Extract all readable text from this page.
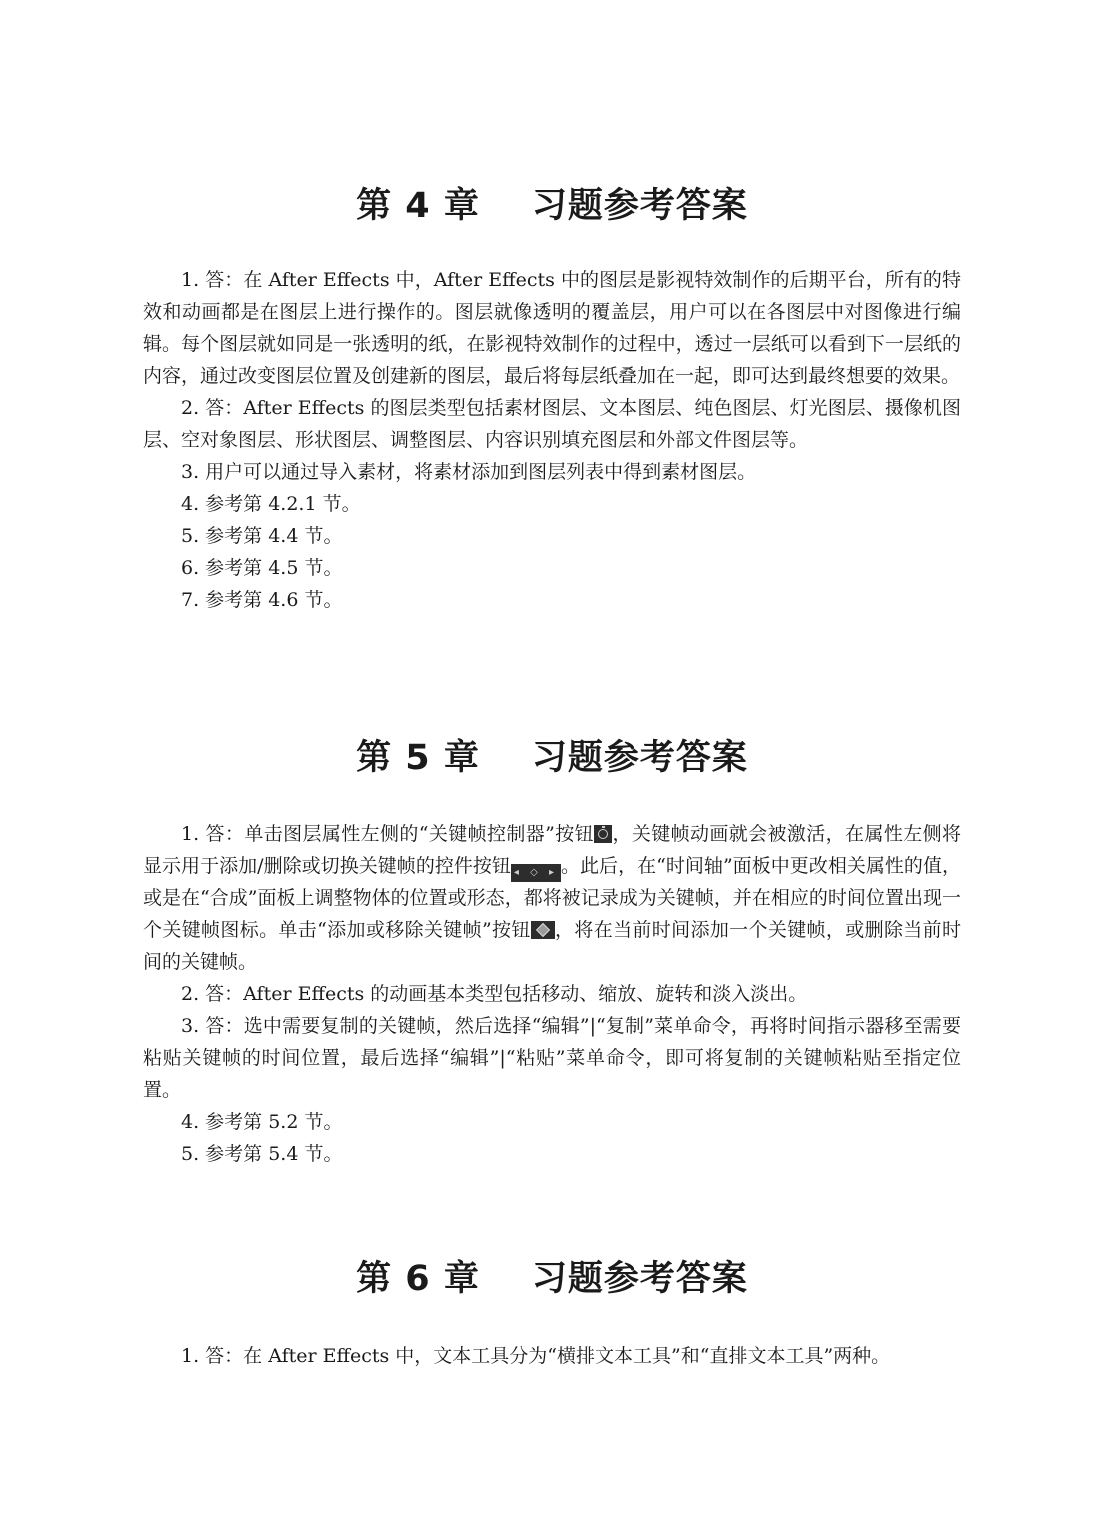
第 4 章 习题参考答案

1. 答：在 After Effects 中，After Effects 中的图层是影视特效制作的后期平台，所有的特效和动画都是在图层上进行操作的。图层就像透明的覆盖层，用户可以在各图层中对图像进行编辑。每个图层就如同是一张透明的纸，在影视特效制作的过程中，透过一层纸可以看到下一层纸的内容，通过改变图层位置及创建新的图层，最后将每层纸叠加在一起，即可达到最终想要的效果。

2. 答：After Effects 的图层类型包括素材图层、文本图层、纯色图层、灯光图层、摄像机图层、空对象图层、形状图层、调整图层、内容识别填充图层和外部文件图层等。

3. 用户可以通过导入素材，将素材添加到图层列表中得到素材图层。

4. 参考第 4.2.1 节。

5. 参考第 4.4 节。

6. 参考第 4.5 节。

7. 参考第 4.6 节。

第 5 章 习题参考答案

1. 答：单击图层属性左侧的“关键帧控制器”按钮 ，关键帧动画就会被激活，在属性左侧将显示用于添加/删除或切换关键帧的控件按钮 ◂ ◇ ▸ 。此后，在“时间轴”面板中更改相关属性的值，或是在“合成”面板上调整物体的位置或形态，都将被记录成为关键帧，并在相应的时间位置出现一个关键帧图标。单击“添加或移除关键帧”按钮 ，将在当前时间添加一个关键帧，或删除当前时间的关键帧。

2. 答：After Effects 的动画基本类型包括移动、缩放、旋转和淡入淡出。

3. 答：选中需要复制的关键帧，然后选择“编辑”|“复制”菜单命令，再将时间指示器移至需要粘贴关键帧的时间位置，最后选择“编辑”|“粘贴”菜单命令，即可将复制的关键帧粘贴至指定位置。

4. 参考第 5.2 节。

5. 参考第 5.4 节。

第 6 章 习题参考答案

1. 答：在 After Effects 中，文本工具分为“横排文本工具”和“直排文本工具”两种。
